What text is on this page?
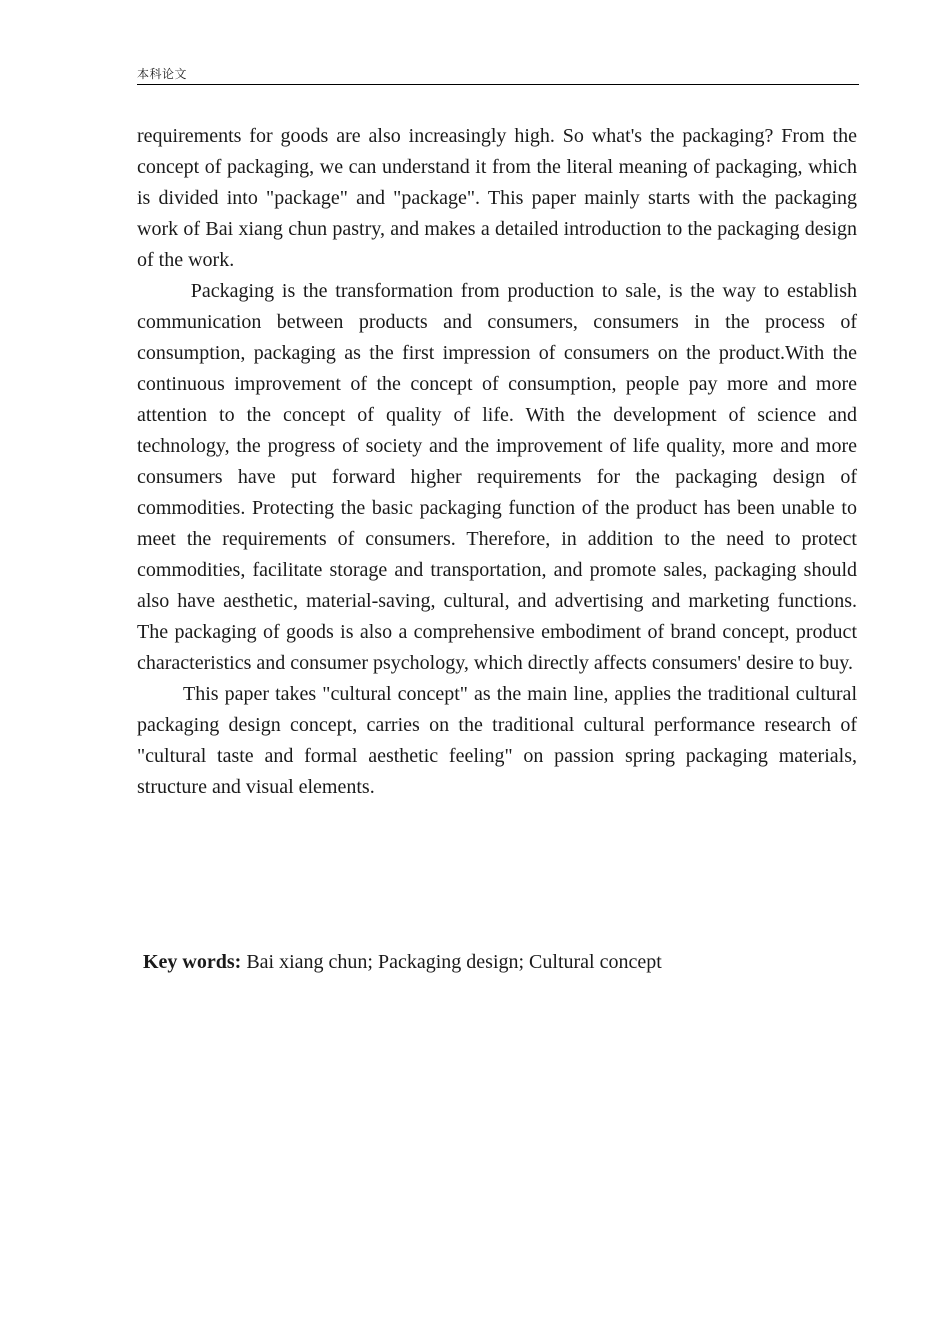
本科论文

requirements for goods are also increasingly high. So what's the packaging? From the concept of packaging, we can understand it from the literal meaning of packaging, which is divided into "package" and "package". This paper mainly starts with the packaging work of Bai xiang chun pastry, and makes a detailed introduction to the packaging design of the work.

Packaging is the transformation from production to sale, is the way to establish communication between products and consumers, consumers in the process of consumption, packaging as the first impression of consumers on the product.With the continuous improvement of the concept of consumption, people pay more and more attention to the concept of quality of life. With the development of science and technology, the progress of society and the improvement of life quality, more and more consumers have put forward higher requirements for the packaging design of commodities. Protecting the basic packaging function of the product has been unable to meet the requirements of consumers. Therefore, in addition to the need to protect commodities, facilitate storage and transportation, and promote sales, packaging should also have aesthetic, material-saving, cultural, and advertising and marketing functions. The packaging of goods is also a comprehensive embodiment of brand concept, product characteristics and consumer psychology, which directly affects consumers' desire to buy.

This paper takes "cultural concept" as the main line, applies the traditional cultural packaging design concept, carries on the traditional cultural performance research of "cultural taste and formal aesthetic feeling" on passion spring packaging materials, structure and visual elements.

Key words: Bai xiang chun; Packaging design; Cultural concept
